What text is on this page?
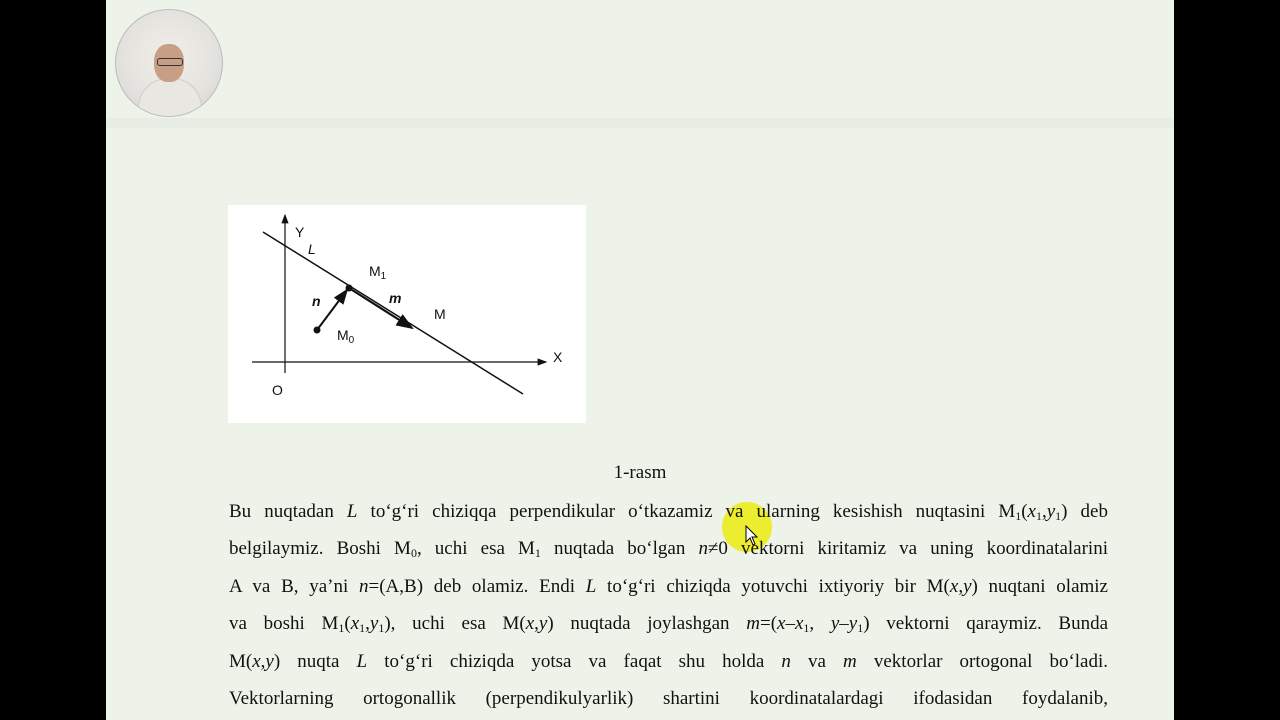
Y
L
$M_1$
n	m
M
$M_0$
X
O
1-rasm
Bu nuqtadan L to‘g‘ri chiziqqa perpendikular o‘tkazamiz va ularning kesishish nuqtasini $M_1(x_1,y_1)$ deb
belgilaymiz. Boshi $M_0$, uchi esa $M_1$ nuqtada bo‘lgan n≠0 vektorni kiritamiz va uning koordinatalarini
A va B, ya’ni n=(A,B) deb olamiz. Endi L to‘g‘ri chiziqda yotuvchi ixtiyoriy bir M(x,y) nuqtani olamiz
va boshi $M_1(x_1,y_1)$, uchi esa M(x,y) nuqtada joylashgan $m=(x-x_1$, $y-y_1$) vektorni qaraymiz. Bunda
M(x,y) nuqta L to‘g‘ri chiziqda yotsa va faqat shu holda n va m vektorlar ortogonal bo‘ladi.
Vektorlarning ortogonallik (perpendikulyarlik) shartini koordinatalardagi ifodasidan foydalanib,
